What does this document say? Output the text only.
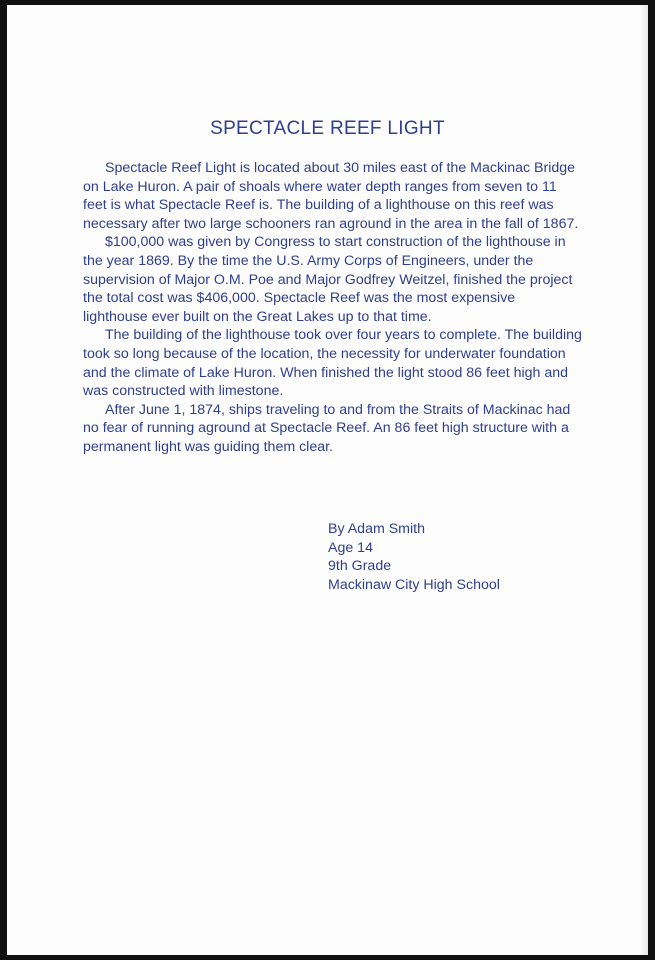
SPECTACLE REEF LIGHT

Spectacle Reef Light is located about 30 miles east of the Mackinac Bridge on Lake Huron. A pair of shoals where water depth ranges from seven to 11 feet is what Spectacle Reef is. The building of a lighthouse on this reef was necessary after two large schooners ran aground in the area in the fall of 1867.

$100,000 was given by Congress to start construction of the lighthouse in the year 1869. By the time the U.S. Army Corps of Engineers, under the supervision of Major O.M. Poe and Major Godfrey Weitzel, finished the project the total cost was $406,000. Spectacle Reef was the most expensive lighthouse ever built on the Great Lakes up to that time.

The building of the lighthouse took over four years to complete. The building took so long because of the location, the necessity for underwater foundation and the climate of Lake Huron. When finished the light stood 86 feet high and was constructed with limestone.

After June 1, 1874, ships traveling to and from the Straits of Mackinac had no fear of running aground at Spectacle Reef. An 86 feet high structure with a permanent light was guiding them clear.

By Adam Smith
Age 14
9th Grade
Mackinaw City High School
